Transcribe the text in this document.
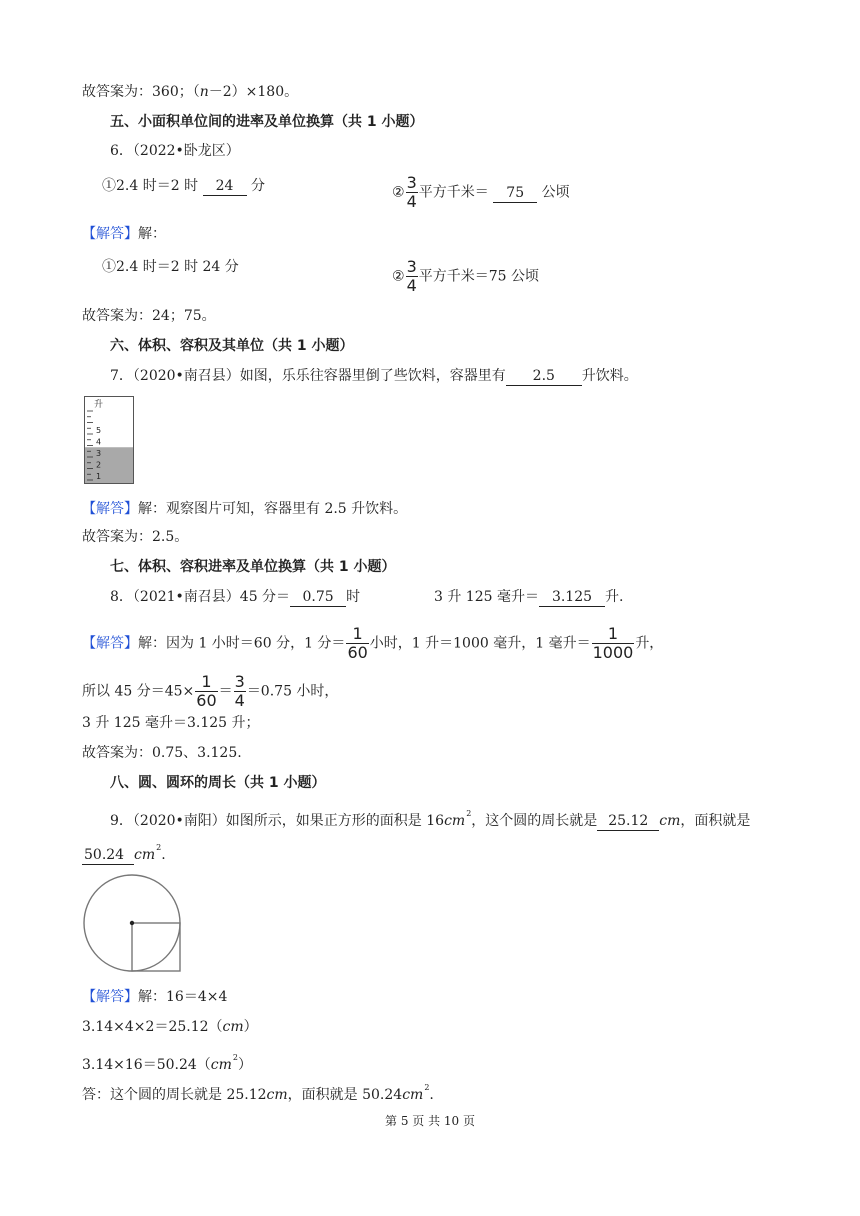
故答案为：360；（n－2）×180。
五、小面积单位间的进率及单位换算（共 1 小题）
6．（2022•卧龙区）
①2.4 时＝2 时 24 分	② $\frac{3}{4}$ 平方千米＝ 75 公顷
【解答】解：
①2.4 时＝2 时 24 分
② $\frac{3}{4}$ 平方千米＝75 公顷
故答案为：24；75。
六、体积、容积及其单位（共 1 小题）
7．（2020•南召县）如图，乐乐往容器里倒了些饮料，容器里有 2.5 升饮料。
升
5
4
3
2
1
【解答】解：观察图片可知，容器里有 2.5 升饮料。
故答案为：2.5。
七、体积、容积进率及单位换算（共 1 小题）
8．（2021•南召县）45 分＝ 0.75 时	3 升 125 毫升＝ 3.125 升.
【解答】解：因为 1 小时＝60 分，1 分＝ $\frac{1}{60}$ 小时，1 升＝1000 毫升，1 毫升＝ $\frac{1}{1000}$ 升，
所以 45 分$=45\times \frac{1}{60} = \frac{3}{4} =0.75$ 小时，
3 升 125 毫升＝3.125 升；
故答案为：0.75、3.125.
八、圆、圆环的周长（共 1 小题）
9．（2020•南阳）如图所示，如果正方形的面积是 $16cm^2$，这个圆的周长就是 25.12 cm，面积就是
50.24 $cm^2$.
【解答】解：16＝4×4
3.14×4×2＝25.12（cm）
$3.14\times 16=50.24(cm^2)$
答：这个圆的周长就是 25.12cm，面积就是 $50.24cm^2$.
第 5 页 共 10 页
